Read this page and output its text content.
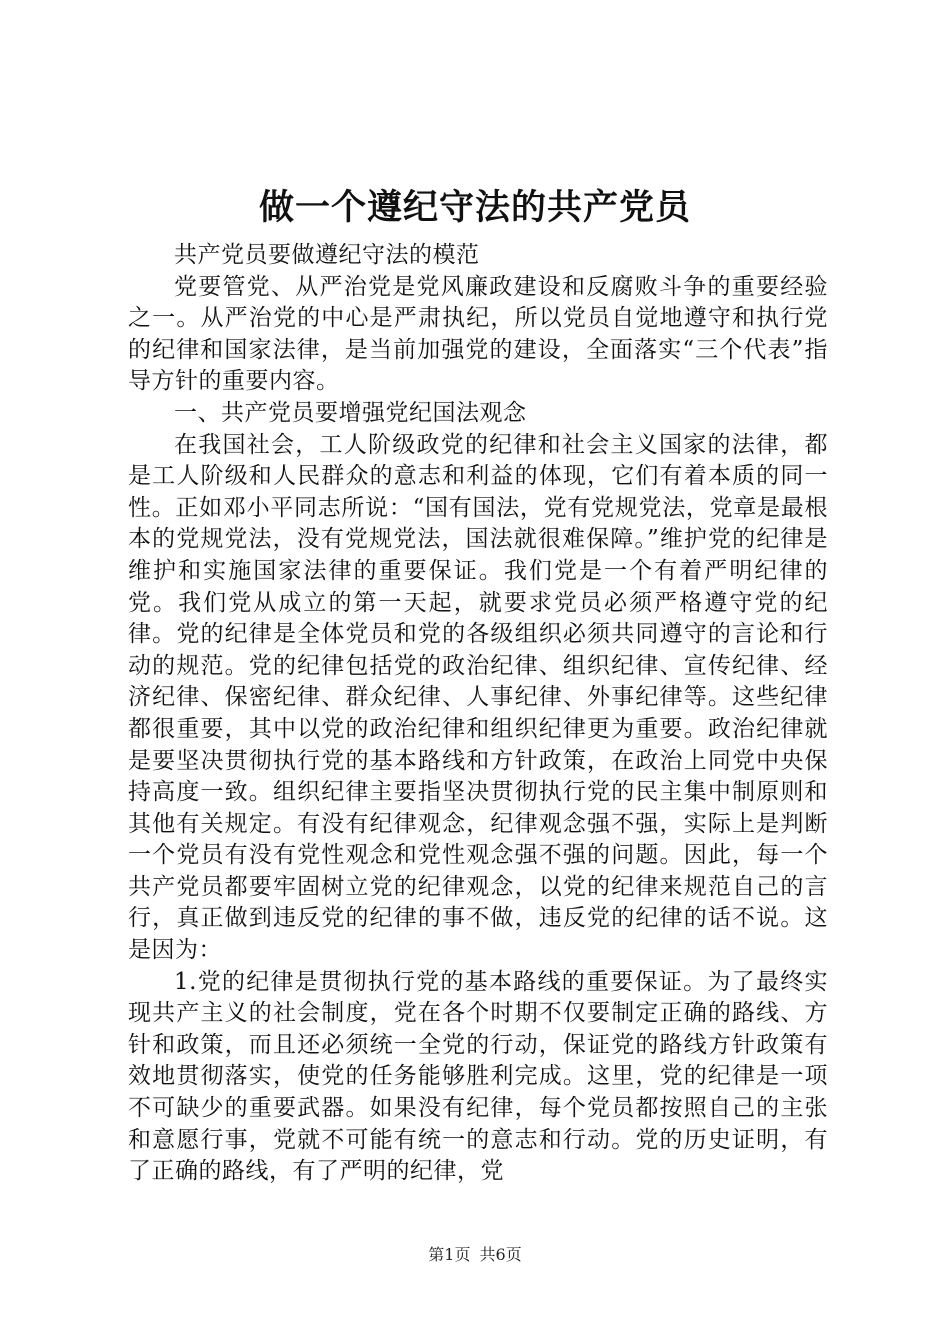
做一个遵纪守法的共产党员

共产党员要做遵纪守法的模范

党要管党、从严治党是党风廉政建设和反腐败斗争的重要经验之一。从严治党的中心是严肃执纪，所以党员自觉地遵守和执行党的纪律和国家法律，是当前加强党的建设，全面落实“三个代表”指导方针的重要内容。

一、共产党员要增强党纪国法观念

在我国社会，工人阶级政党的纪律和社会主义国家的法律，都是工人阶级和人民群众的意志和利益的体现，它们有着本质的同一性。正如邓小平同志所说：“国有国法，党有党规党法，党章是最根本的党规党法，没有党规党法，国法就很难保障。”维护党的纪律是维护和实施国家法律的重要保证。我们党是一个有着严明纪律的党。我们党从成立的第一天起，就要求党员必须严格遵守党的纪律。党的纪律是全体党员和党的各级组织必须共同遵守的言论和行动的规范。党的纪律包括党的政治纪律、组织纪律、宣传纪律、经济纪律、保密纪律、群众纪律、人事纪律、外事纪律等。这些纪律都很重要，其中以党的政治纪律和组织纪律更为重要。政治纪律就是要坚决贯彻执行党的基本路线和方针政策，在政治上同党中央保持高度一致。组织纪律主要指坚决贯彻执行党的民主集中制原则和其他有关规定。有没有纪律观念，纪律观念强不强，实际上是判断一个党员有没有党性观念和党性观念强不强的问题。因此，每一个共产党员都要牢固树立党的纪律观念，以党的纪律来规范自己的言行，真正做到违反党的纪律的事不做，违反党的纪律的话不说。这是因为：

1.党的纪律是贯彻执行党的基本路线的重要保证。为了最终实现共产主义的社会制度，党在各个时期不仅要制定正确的路线、方针和政策，而且还必须统一全党的行动，保证党的路线方针政策有效地贯彻落实，使党的任务能够胜利完成。这里，党的纪律是一项不可缺少的重要武器。如果没有纪律，每个党员都按照自己的主张和意愿行事，党就不可能有统一的意志和行动。党的历史证明，有了正确的路线，有了严明的纪律，党

第1页 共6页
